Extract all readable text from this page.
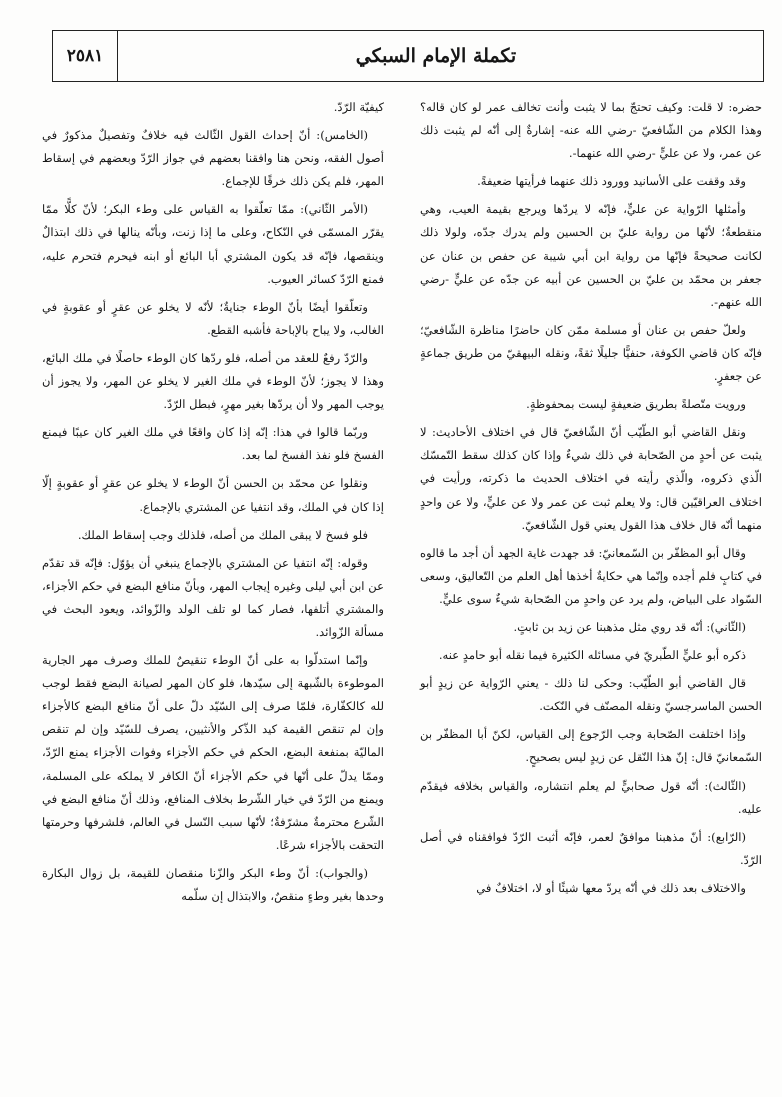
٢٥٨١	تكملة الإمام السبكي

حضره: لا قلت: وكيف تحتجّ بما لا يثبت وأنت تخالف عمر لو كان قاله؟ وهذا الكلام من الشّافعيّ -رضي الله عنه- إشارةٌ إلى أنّه لم يثبت ذلك عن عمر، ولا عن عليٍّ -رضي الله عنهما-.

وقد وقفت على الأسانيد وورود ذلك عنهما فرأيتها ضعيفةً.

وأمثلها الرّواية عن عليٍّ، فإنّه لا يردّها ويرجع بقيمة العيب، وهي منقطعةٌ؛ لأنّها من رواية عليّ بن الحسين ولم يدرك جدّه، ولولا ذلك لكانت صحيحةً فإنّها من رواية ابن أبي شيبة عن حفص بن عنان عن جعفر بن محمّد بن عليّ بن الحسين عن أبيه عن جدّه عن عليٍّ -رضي الله عنهم-.

ولعلّ حفص بن عنان أو مسلمة ممّن كان حاضرًا مناظرة الشّافعيّ؛ فإنّه كان قاضي الكوفة، حنفيًّا جليلًا ثقةً، ونقله البيهقيّ من طريق جماعةٍ عن جعفرٍ.

ورويت متّصلةً بطريق ضعيفةٍ ليست بمحفوظةٍ.

ونقل القاضي أبو الطّيّب أنّ الشّافعيّ قال في اختلاف الأحاديث: لا يثبت عن أحدٍ من الصّحابة في ذلك شيءٌ وإذا كان كذلك سقط التّمسّك الّذي ذكروه، والّذي رأيته في اختلاف الحديث ما ذكرته، ورأيت في اختلاف العراقيّين قال: ولا يعلم ثبت عن عمر ولا عن عليٍّ، ولا عن واحدٍ منهما أنّه قال خلاف هذا القول يعني قول الشّافعيّ.

وقال أبو المظفّر بن السّمعانيّ: قد جهدت غاية الجهد أن أجد ما قالوه في كتابٍ فلم أجده وإنّما هي حكايةٌ أخذها أهل العلم من التّعاليق، وسعى السّواد على البياض، ولم يرد عن واحدٍ من الصّحابة شيءٌ سوى عليٍّ.

(الثّاني): أنّه قد روي مثل مذهبنا عن زيد بن ثابتٍ.

ذكره أبو عليٍّ الطّبريّ في مسائله الكثيرة فيما نقله أبو حامدٍ عنه.

قال القاضي أبو الطّيّب: وحكى لنا ذلك - يعني الرّواية عن زيدٍ أبو الحسن الماسرجسيّ ونقله المصنّف في النّكت.

وإذا اختلفت الصّحابة وجب الرّجوع إلى القياس، لكنّ أبا المظفّر بن السّمعانيّ قال: إنّ هذا النّقل عن زيدٍ ليس بصحيحٍ.

(الثّالث): أنّه قول صحابيٍّ لم يعلم انتشاره، والقياس بخلافه فيقدّم عليه.

(الرّابع): أنّ مذهبنا موافقٌ لعمر، فإنّه أثبت الرّدّ فوافقناه في أصل الرّدّ.

والاختلاف بعد ذلك في أنّه يردّ معها شيئًا أو لا، اختلافٌ في

كيفيّة الرّدّ.

(الخامس): أنّ إحداث القول الثّالث فيه خلافٌ وتفصيلٌ مذكورٌ في أصول الفقه، ونحن هنا وافقنا بعضهم في جواز الرّدّ وبعضهم في إسقاط المهر، فلم يكن ذلك خرقًا للإجماع.

(الأمر الثّاني): ممّا تعلّقوا به القياس على وطء البكر؛ لأنّ كلًّا ممّا يقرّر المسمّى في النّكاح، وعلى ما إذا زنت، وبأنّه ينالها في ذلك ابتذالٌ وينقصها، فإنّه قد يكون المشتري أبا البائع أو ابنه فيحرم فتحرم عليه، فمنع الرّدّ كسائر العيوب.

وتعلّقوا أيضًا بأنّ الوطء جنايةٌ؛ لأنّه لا يخلو عن عقرٍ أو عقوبةٍ في الغالب، ولا يباح بالإباحة فأشبه القطع.

والرّدّ رفعٌ للعقد من أصله، فلو ردّها كان الوطء حاصلًا في ملك البائع، وهذا لا يجوز؛ لأنّ الوطء في ملك الغير لا يخلو عن المهر، ولا يجوز أن يوجب المهر ولا أن يردّها بغير مهرٍ، فبطل الرّدّ.

وربّما قالوا في هذا: إنّه إذا كان واقعًا في ملك الغير كان عيبًا فيمنع الفسخ فلو نفذ الفسخ لما بعد.

ونقلوا عن محمّد بن الحسن أنّ الوطء لا يخلو عن عقرٍ أو عقوبةٍ إلّا إذا كان في الملك، وقد انتفيا عن المشتري بالإجماع.

فلو فسخ لا يبقى الملك من أصله، فلذلك وجب إسقاط الملك.

وقوله: إنّه انتفيا عن المشتري بالإجماع ينبغي أن يؤوّل: فإنّه قد تقدّم عن ابن أبي ليلى وغيره إيجاب المهر، وبأنّ منافع البضع في حكم الأجزاء، والمشتري أتلفها، فصار كما لو تلف الولد والزّوائد، ويعود البحث في مسألة الزّوائد.

وإنّما استدلّوا به على أنّ الوطء تنقيصٌ للملك وصرف مهر الجارية الموطوءة بالشّبهة إلى سيّدها، فلو كان المهر لصيانة البضع فقط لوجب لله كالكفّارة، فلمّا صرف إلى السّيّد دلّ على أنّ منافع البضع كالأجزاء وإن لم تنقص القيمة كيد الذّكر والأنثيين، يصرف للسّيّد وإن لم تنقص الماليّة بمنفعة البضع، الحكم في حكم الأجزاء وفوات الأجزاء يمنع الرّدّ، وممّا يدلّ على أنّها في حكم الأجزاء أنّ الكافر لا يملكه على المسلمة، ويمنع من الرّدّ في خيار الشّرط بخلاف المنافع، وذلك أنّ منافع البضع في الشّرع محترمةٌ مشرّفةٌ؛ لأنّها سبب النّسل في العالم، فلشرفها وحرمتها التحقت بالأجزاء شرعًا.

(والجواب): أنّ وطء البكر والزّنا منقصان للقيمة، بل زوال البكارة وحدها بغير وطءٍ منقصٌ، والابتذال إن سلّمه
